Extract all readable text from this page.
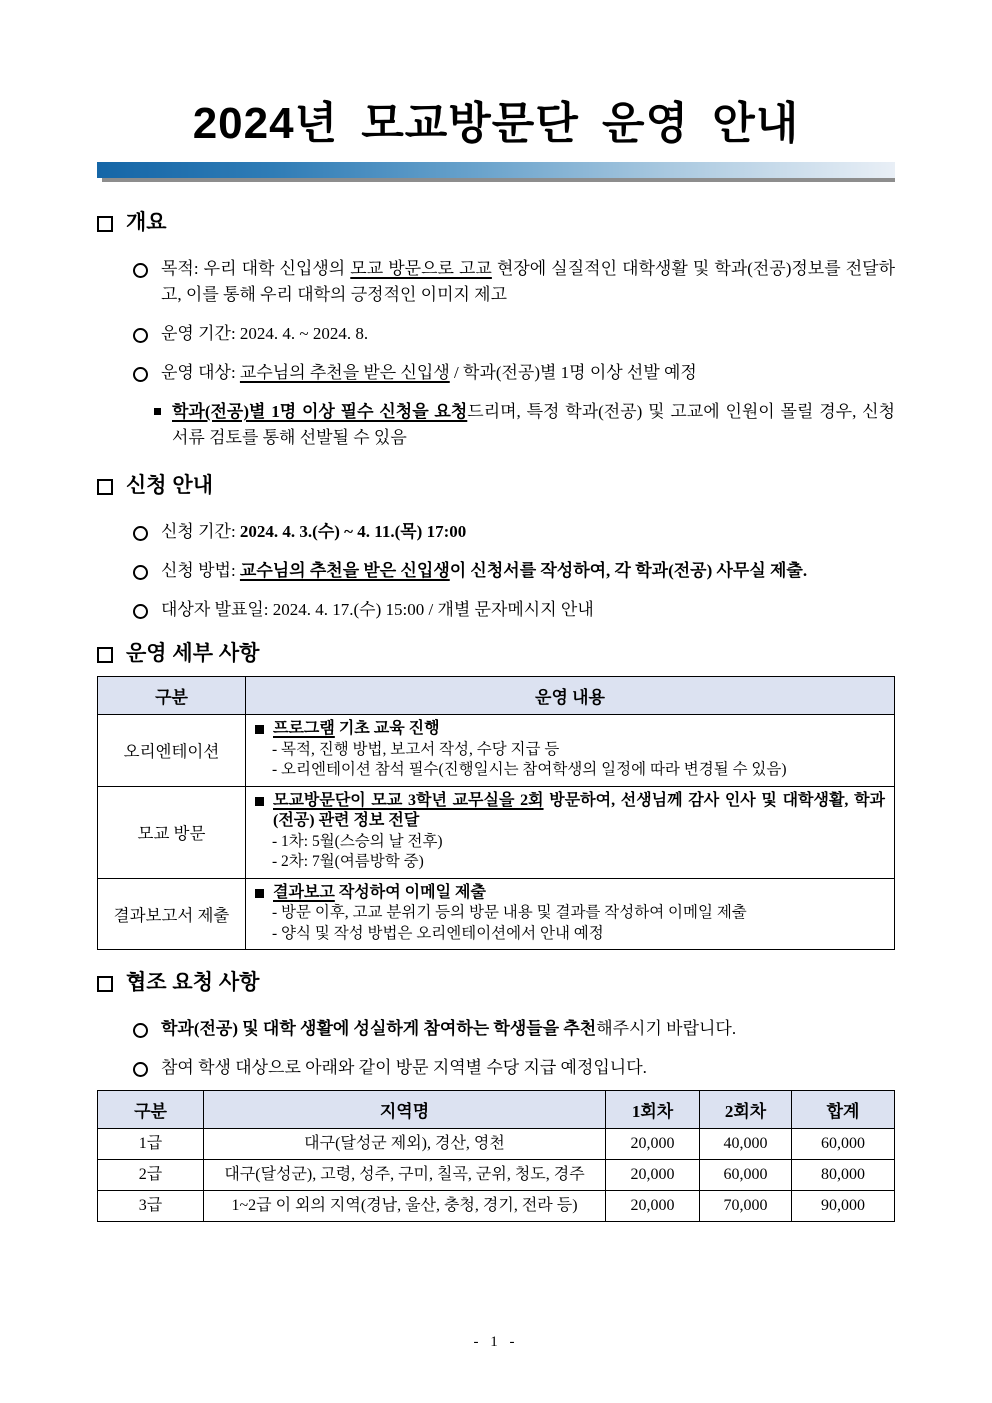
2024년 모교방문단 운영 안내
개요
목적: 우리 대학 신입생의 모교 방문으로 고교 현장에 실질적인 대학생활 및 학과(전공)정보를 전달하고, 이를 통해 우리 대학의 긍정적인 이미지 제고
운영 기간: 2024. 4. ~ 2024. 8.
운영 대상: 교수님의 추천을 받은 신입생 / 학과(전공)별 1명 이상 선발 예정
학과(전공)별 1명 이상 필수 신청을 요청드리며, 특정 학과(전공) 및 고교에 인원이 몰릴 경우, 신청 서류 검토를 통해 선발될 수 있음
신청 안내
신청 기간: 2024. 4. 3.(수) ~ 4. 11.(목) 17:00
신청 방법: 교수님의 추천을 받은 신입생이 신청서를 작성하여, 각 학과(전공) 사무실 제출.
대상자 발표일: 2024. 4. 17.(수) 15:00 / 개별 문자메시지 안내
운영 세부 사항
구분	운영 내용
오리엔테이션	프로그램 기초 교육 진행
- 목적, 진행 방법, 보고서 작성, 수당 지급 등
- 오리엔테이션 참석 필수(진행일시는 참여학생의 일정에 따라 변경될 수 있음)

모교 방문	모교방문단이 모교 3학년 교무실을 2회 방문하여, 선생님께 감사 인사 및 대학생활, 학과(전공) 관련 정보 전달
- 1차: 5월(스승의 날 전후)
- 2차: 7월(여름방학 중)

결과보고서 제출	결과보고 작성하여 이메일 제출
- 방문 이후, 고교 분위기 등의 방문 내용 및 결과를 작성하여 이메일 제출
- 양식 및 작성 방법은 오리엔테이션에서 안내 예정
협조 요청 사항
학과(전공) 및 대학 생활에 성실하게 참여하는 학생들을 추천해주시기 바랍니다.
참여 학생 대상으로 아래와 같이 방문 지역별 수당 지급 예정입니다.
구분	지역명	1회차	2회차	합계
1급	대구(달성군 제외), 경산, 영천	20,000	40,000	60,000
2급	대구(달성군), 고령, 성주, 구미, 칠곡, 군위, 청도, 경주	20,000	60,000	80,000
3급	1~2급 이 외의 지역(경남, 울산, 충청, 경기, 전라 등)	20,000	70,000	90,000
- 1 -
